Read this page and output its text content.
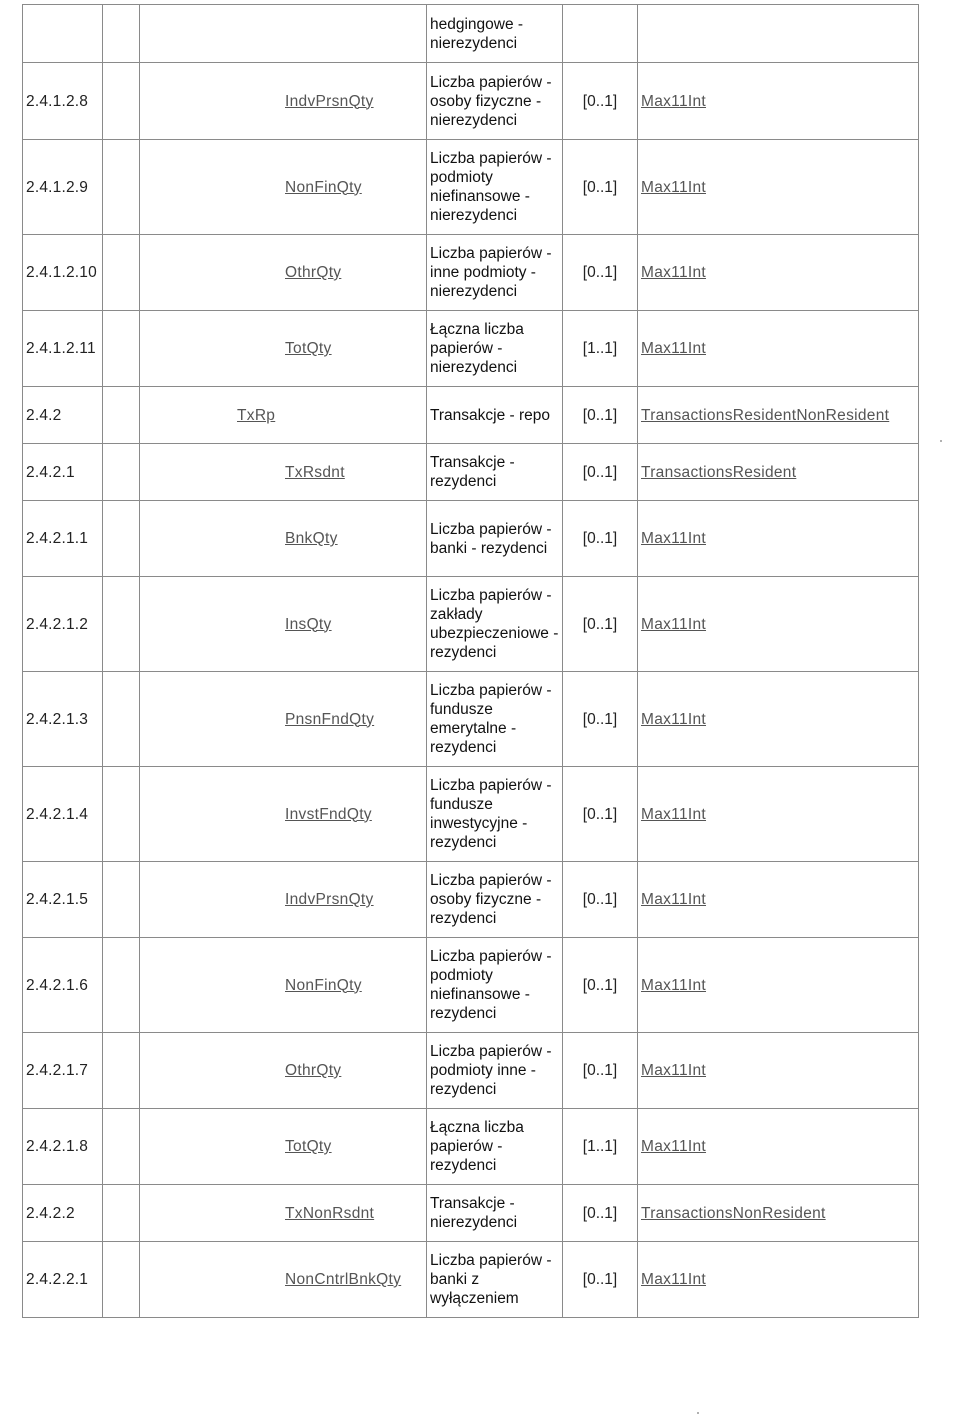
			hedgingowe - nierezydenci		
2.4.1.2.8		IndvPrsnQty	Liczba papierów - osoby fizyczne - nierezydenci	[0..1]	Max11Int
2.4.1.2.9		NonFinQty	Liczba papierów - podmioty niefinansowe - nierezydenci	[0..1]	Max11Int
2.4.1.2.10		OthrQty	Liczba papierów - inne podmioty - nierezydenci	[0..1]	Max11Int
2.4.1.2.11		TotQty	Łączna liczba papierów - nierezydenci	[1..1]	Max11Int
2.4.2		TxRp	Transakcje - repo	[0..1]	TransactionsResidentNonResident
2.4.2.1		TxRsdnt	Transakcje - rezydenci	[0..1]	TransactionsResident
2.4.2.1.1		BnkQty	Liczba papierów - banki - rezydenci	[0..1]	Max11Int
2.4.2.1.2		InsQty	Liczba papierów - zakłady ubezpieczeniowe - rezydenci	[0..1]	Max11Int
2.4.2.1.3		PnsnFndQty	Liczba papierów - fundusze emerytalne - rezydenci	[0..1]	Max11Int
2.4.2.1.4		InvstFndQty	Liczba papierów - fundusze inwestycyjne - rezydenci	[0..1]	Max11Int
2.4.2.1.5		IndvPrsnQty	Liczba papierów - osoby fizyczne - rezydenci	[0..1]	Max11Int
2.4.2.1.6		NonFinQty	Liczba papierów - podmioty niefinansowe - rezydenci	[0..1]	Max11Int
2.4.2.1.7		OthrQty	Liczba papierów - podmioty inne - rezydenci	[0..1]	Max11Int
2.4.2.1.8		TotQty	Łączna liczba papierów - rezydenci	[1..1]	Max11Int
2.4.2.2		TxNonRsdnt	Transakcje - nierezydenci	[0..1]	TransactionsNonResident
2.4.2.2.1		NonCntrlBnkQty	Liczba papierów - banki z wyłączeniem	[0..1]	Max11Int
